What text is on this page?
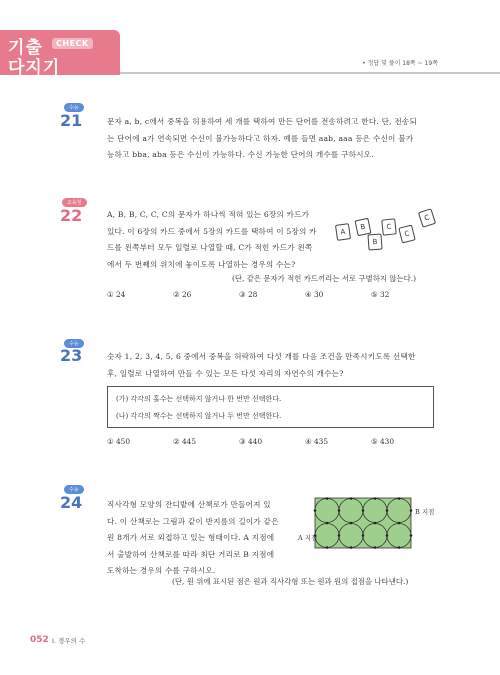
기출	CHECK
다지기	• 정답 및 풀이 18쪽 ~ 19쪽
수능
21	문자 a, b, c에서 중복을 허용하여 세 개를 택하여 만든 단어를 전송하려고 한다. 단, 전송되
는 단어에 a가 연속되면 수신이 불가능하다고 하자. 예를 들면 aab, aaa 등은 수신이 불가
능하고 bba, aba 등은 수신이 가능하다. 수신 가능한 단어의 개수를 구하시오.
교육청
22	A, B, B, C, C, C의 문자가 하나씩 적혀 있는 6장의 카드가
있다. 이 6장의 카드 중에서 5장의 카드를 택하여 이 5장의 카
드를 왼쪽부터 모두 일렬로 나열할 때, C가 적힌 카드가 왼쪽
에서 두 번째의 위치에 놓이도록 나열하는 경우의 수는?
A
B	C
B
C
C
(단, 같은 문자가 적힌 카드끼리는 서로 구별하지 않는다.)
① 24	② 26	③ 28	④ 30	⑤ 32
수능
23	숫자 1, 2, 3, 4, 5, 6 중에서 중복을 허락하여 다섯 개를 다음 조건을 만족시키도록 선택한
후, 일렬로 나열하여 만들 수 있는 모든 다섯 자리의 자연수의 개수는?
(가) 각각의 홀수는 선택하지 않거나 한 번만 선택한다.
(나) 각각의 짝수는 선택하지 않거나 두 번만 선택한다.
① 450	② 445	③ 440	④ 435	⑤ 430
수능
24	직사각형 모양의 잔디밭에 산책로가 만들어져 있
다. 이 산책로는 그림과 같이 반지름의 길이가 같은
원 8개가 서로 외접하고 있는 형태이다. A 지점에
서 출발하여 산책로를 따라 최단 거리로 B 지점에
도착하는 경우의 수를 구하시오.
A 지점
B 지점
(단, 원 위에 표시된 점은 원과 직사각형 또는 원과 원의 접점을 나타낸다.)
052 Ⅰ. 경우의 수
